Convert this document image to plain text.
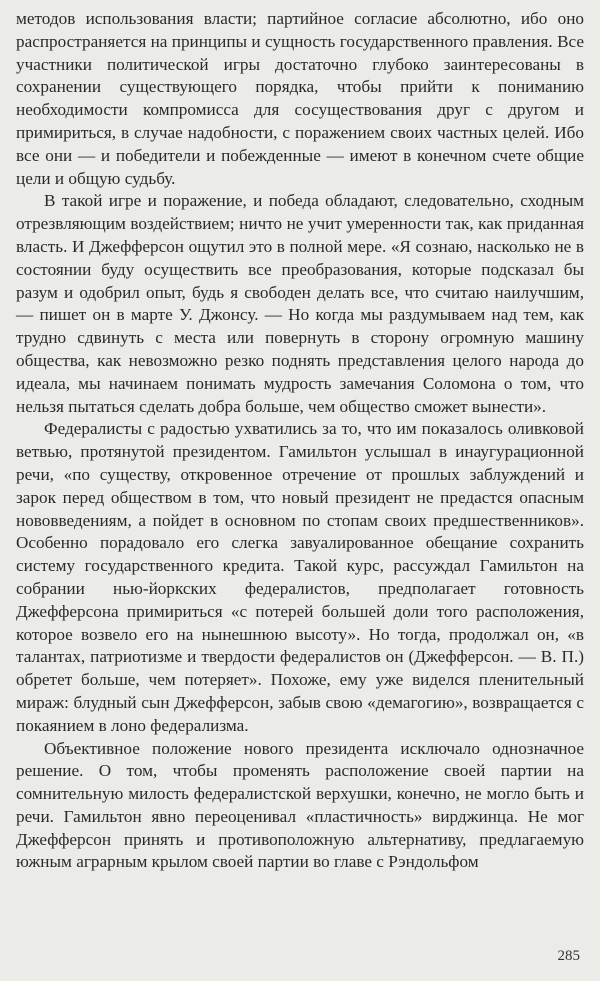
методов использования власти; партийное согласие абсолютно, ибо оно распространяется на принципы и сущность государственного правления. Все участники политической игры достаточно глубоко заинтересованы в сохранении существующего порядка, чтобы прийти к пониманию необходимости компромисса для сосуществования друг с другом и примириться, в случае надобности, с поражением своих частных целей. Ибо все они — и победители и побежденные — имеют в конечном счете общие цели и общую судьбу.

В такой игре и поражение, и победа обладают, следовательно, сходным отрезвляющим воздействием; ничто не учит умеренности так, как приданная власть. И Джефферсон ощутил это в полной мере. «Я сознаю, насколько не в состоянии буду осуществить все преобразования, которые подсказал бы разум и одобрил опыт, будь я свободен делать все, что считаю наилучшим, — пишет он в марте У. Джонсу. — Но когда мы раздумываем над тем, как трудно сдвинуть с места или повернуть в сторону огромную машину общества, как невозможно резко поднять представления целого народа до идеала, мы начинаем понимать мудрость замечания Соломона о том, что нельзя пытаться сделать добра больше, чем общество сможет вынести».

Федералисты с радостью ухватились за то, что им показалось оливковой ветвью, протянутой президентом. Гамильтон услышал в инаугурационной речи, «по существу, откровенное отречение от прошлых заблуждений и зарок перед обществом в том, что новый президент не предастся опасным нововведениям, а пойдет в основном по стопам своих предшественников». Особенно порадовало его слегка завуалированное обещание сохранить систему государственного кредита. Такой курс, рассуждал Гамильтон на собрании нью-йоркских федералистов, предполагает готовность Джефферсона примириться «с потерей большей доли того расположения, которое возвело его на нынешнюю высоту». Но тогда, продолжал он, «в талантах, патриотизме и твердости федералистов он (Джефферсон. — В. П.) обретет больше, чем потеряет». Похоже, ему уже виделся пленительный мираж: блудный сын Джефферсон, забыв свою «демагогию», возвращается с покаянием в лоно федерализма.

Объективное положение нового президента исключало однозначное решение. О том, чтобы променять расположение своей партии на сомнительную милость федералистской верхушки, конечно, не могло быть и речи. Гамильтон явно переоценивал «пластичность» вирджинца. Не мог Джефферсон принять и противоположную альтернативу, предлагаемую южным аграрным крылом своей партии во главе с Рэндольфом

285
